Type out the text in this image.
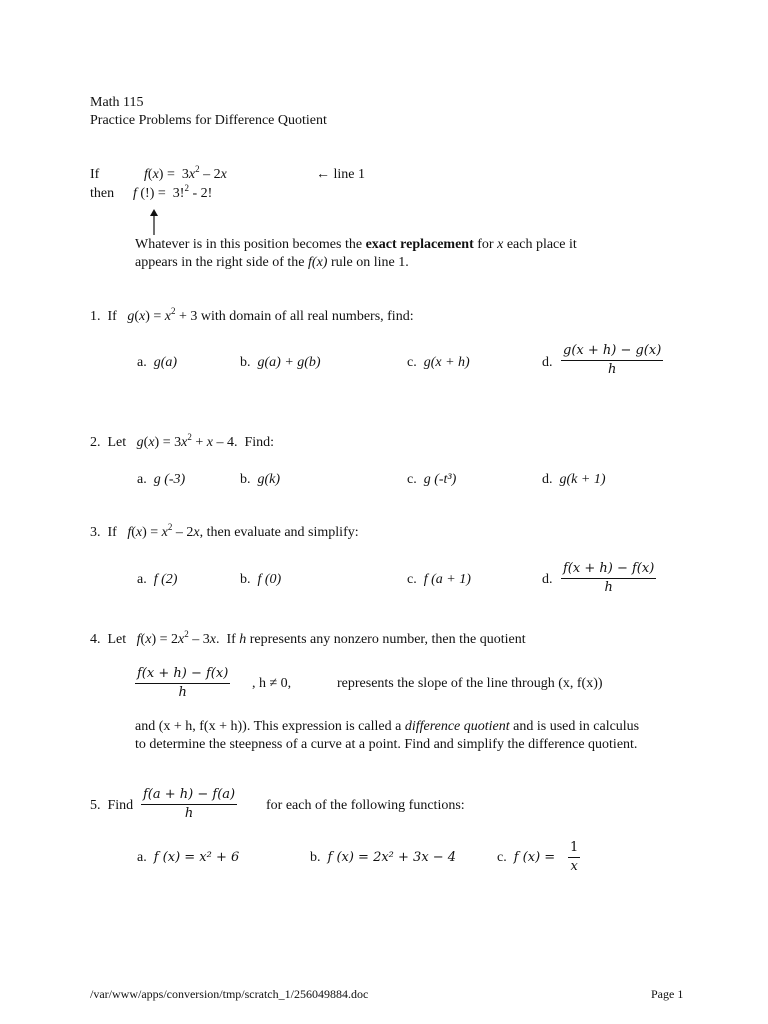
Math 115
Practice Problems for Difference Quotient
If	$f(x) = 3x^2 - 2x$	← line 1
then f (!) =  3!$^2$ - 2!
Whatever is in this position becomes the exact replacement for x each place it
appears in the right side of the f(x) rule on line 1.
1. If $g(x) = x^2 + 3$ with domain of all real numbers, find:
a. g(a)	b. g(a) + g(b)	c. g(x + h)	d. $\frac{g(x + h) - g(x)}{h}$
2. Let $g(x) = 3x^2 + x - 4$.  Find:
a. g (-3)	b. g(k)	c. g (-t³)	d. g(k + 1)
3. If $f(x) = x^2 - 2x$, then evaluate and simplify:
a. f (2)	b. f (0)	c. f (a + 1)	d. $\frac{f(x + h) - f(x)}{h}$
4. Let $f(x) = 2x^2 - 3x$.  If h represents any nonzero number, then the quotient
$\frac{f(x + h) - f(x)}{h}$ , h ≠ 0,	represents the slope of the line through (x, f(x))
and (x + h, f(x + h)). This expression is called a difference quotient and is used in calculus
to determine the steepness of a curve at a point. Find and simplify the difference quotient.
5. Find $\frac{f(a + h) - f(a)}{h}$ for each of the following functions:
a. f (x) = x² + 6	b. f (x) = 2x² + 3x − 4	c. f $(x) = \frac{1}{x}$
/var/www/apps/conversion/tmp/scratch_1/256049884.doc	Page 1
